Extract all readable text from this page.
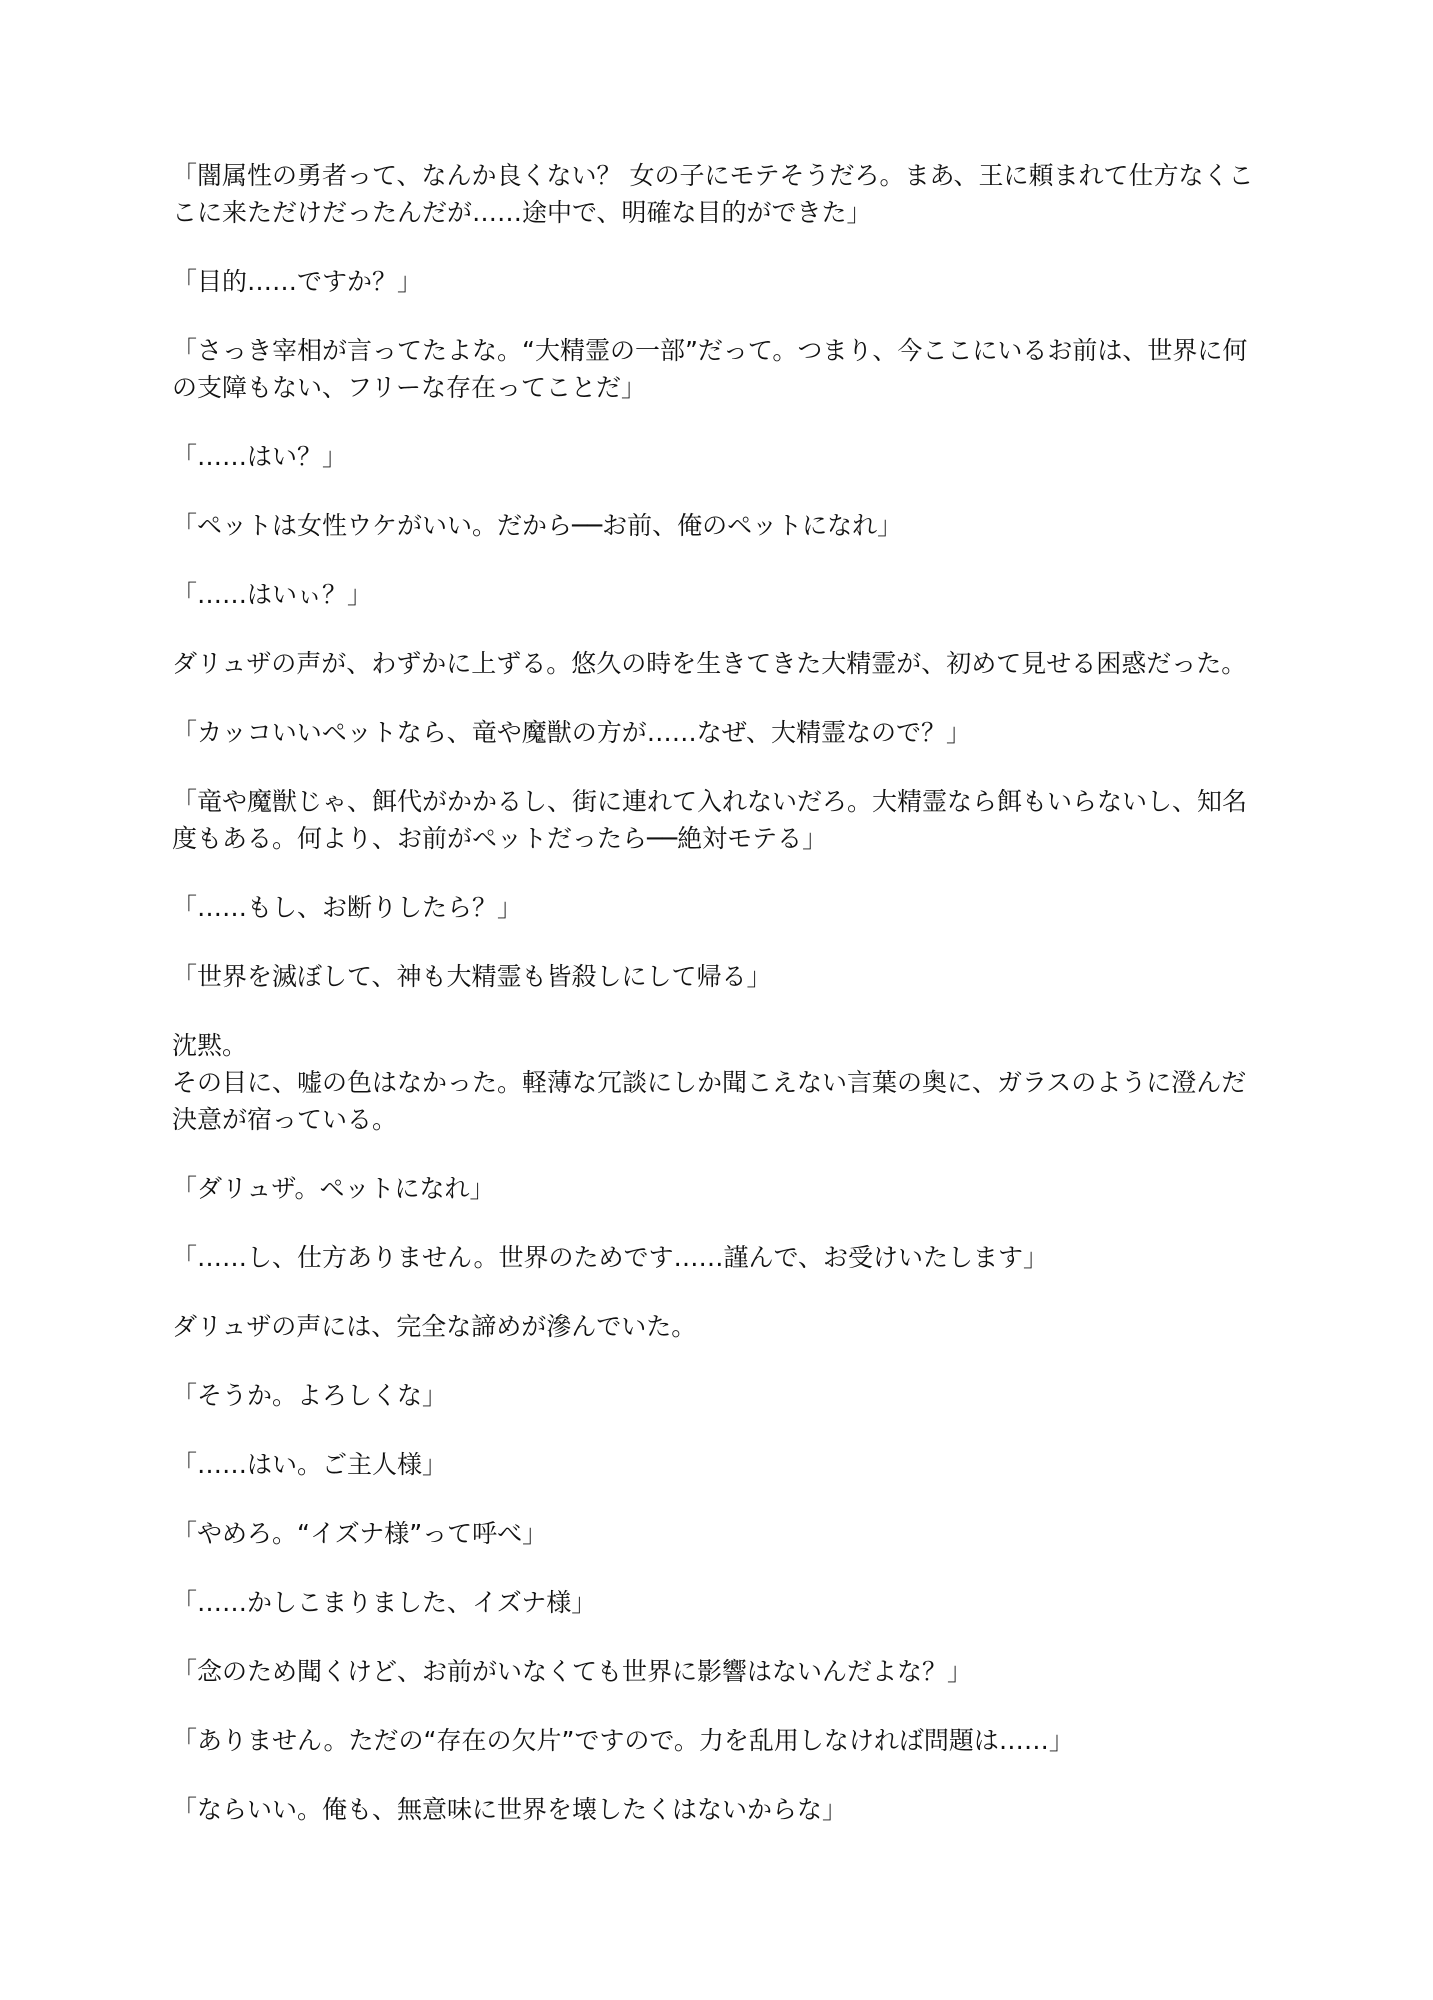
「闇属性の勇者って、なんか良くない？ 女の子にモテそうだろ。まあ、王に頼まれて仕方なくここに来ただけだったんだが……途中で、明確な目的ができた」

「目的……ですか？」

「さっき宰相が言ってたよな。“大精霊の一部”だって。つまり、今ここにいるお前は、世界に何の支障もない、フリーな存在ってことだ」

「……はい？」

「ペットは女性ウケがいい。だから──お前、俺のペットになれ」

「……はいぃ？」

ダリュザの声が、わずかに上ずる。悠久の時を生きてきた大精霊が、初めて見せる困惑だった。

「カッコいいペットなら、竜や魔獣の方が……なぜ、大精霊なので？」

「竜や魔獣じゃ、餌代がかかるし、街に連れて入れないだろ。大精霊なら餌もいらないし、知名度もある。何より、お前がペットだったら──絶対モテる」

「……もし、お断りしたら？」

「世界を滅ぼして、神も大精霊も皆殺しにして帰る」

沈黙。

その目に、嘘の色はなかった。軽薄な冗談にしか聞こえない言葉の奥に、ガラスのように澄んだ決意が宿っている。

「ダリュザ。ペットになれ」

「……し、仕方ありません。世界のためです……謹んで、お受けいたします」

ダリュザの声には、完全な諦めが滲んでいた。

「そうか。よろしくな」

「……はい。ご主人様」

「やめろ。“イズナ様”って呼べ」

「……かしこまりました、イズナ様」

「念のため聞くけど、お前がいなくても世界に影響はないんだよな？」

「ありません。ただの“存在の欠片”ですので。力を乱用しなければ問題は……」

「ならいい。俺も、無意味に世界を壊したくはないからな」
